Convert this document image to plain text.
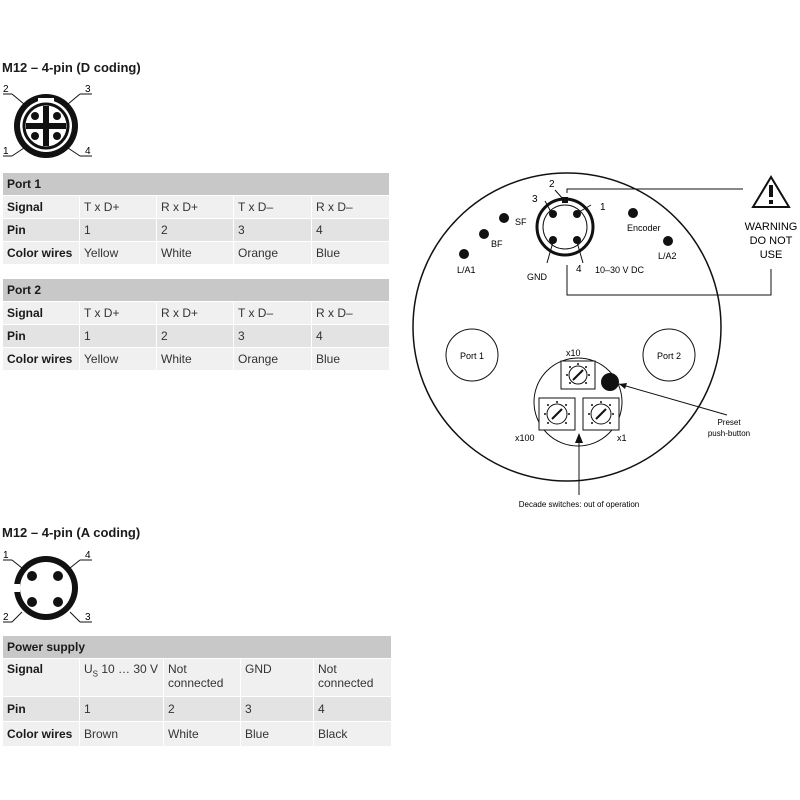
M12 – 4-pin (D coding)
2	3
1	4
Port 1				
Signal	T x D+	R x D+	T x D–	R x D–
Pin	1	2	3	4
Color wires	Yellow	White	Orange	Blue
Port 2				
Signal	T x D+	R x D+	T x D–	R x D–
Pin	1	2	3	4
Color wires	Yellow	White	Orange	Blue
3
2
1
4
GND
10–30 V DC
WARNING
DO NOT
USE
SF
BF
L/A1
Encoder
L/A2
Port 1	Port 2
x10
x100	x1
Preset
push-button
Decade switches: out of operation
M12 – 4-pin (A coding)
1	4
2	3
Power supply				
Signal	$U_S$ 10 … 30 V	Not connected	GND	Not connected
Pin	1	2	3	4
Color wires	Brown	White	Blue	Black
